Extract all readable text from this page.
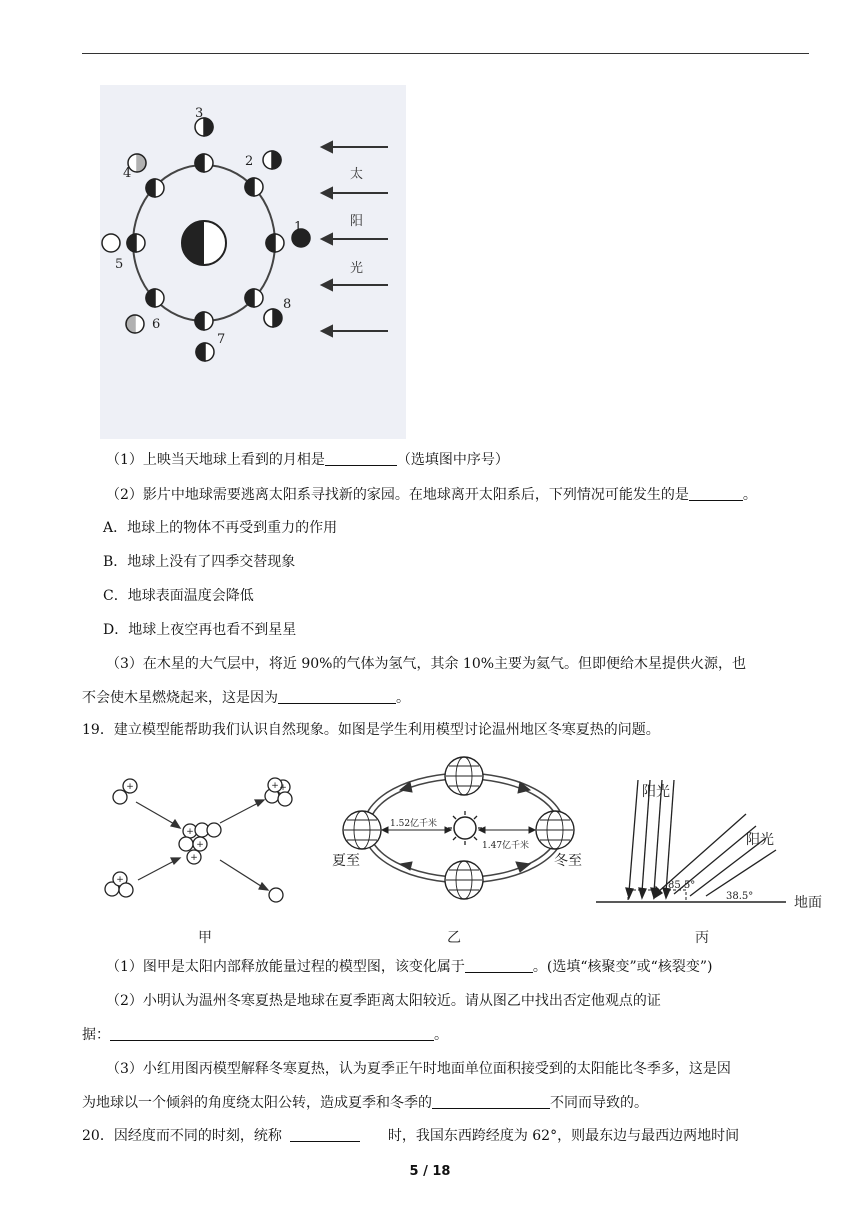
1
2
3
4
5
6
7
8
太
阳
光
（1）上映当天地球上看到的月相是	（选填图中序号）
（2）影片中地球需要逃离太阳系寻找新的家园。在地球离开太阳系后，下列情况可能发生的是	。
A．地球上的物体不再受到重力的作用
B．地球上没有了四季交替现象
C．地球表面温度会降低
D．地球上夜空再也看不到星星
（3）在木星的大气层中，将近 90%的气体为氢气，其余 10%主要为氦气。但即便给木星提供火源，也
不会使木星燃烧起来，这是因为	。
19．建立模型能帮助我们认识自然现象。如图是学生利用模型讨论温州地区冬寒夏热的问题。
+	+
+
+
+
+
+
甲
1.52亿千米
1.47亿千米
夏至	冬至
乙
阳光
阳光
85.5°
38.5°	地面
丙
（1）图甲是太阳内部释放能量过程的模型图，该变化属于	。(选填“核聚变”或“核裂变”)
（2）小明认为温州冬寒夏热是地球在夏季距离太阳较近。请从图乙中找出否定他观点的证
据：	。
（3）小红用图丙模型解释冬寒夏热，认为夏季正午时地面单位面积接受到的太阳能比冬季多，这是因
为地球以一个倾斜的角度绕太阳公转，造成夏季和冬季的	不同而导致的。
20．因经度而不同的时刻，统称	时，我国东西跨经度为 62°，则最东边与最西边两地时间
5 / 18
